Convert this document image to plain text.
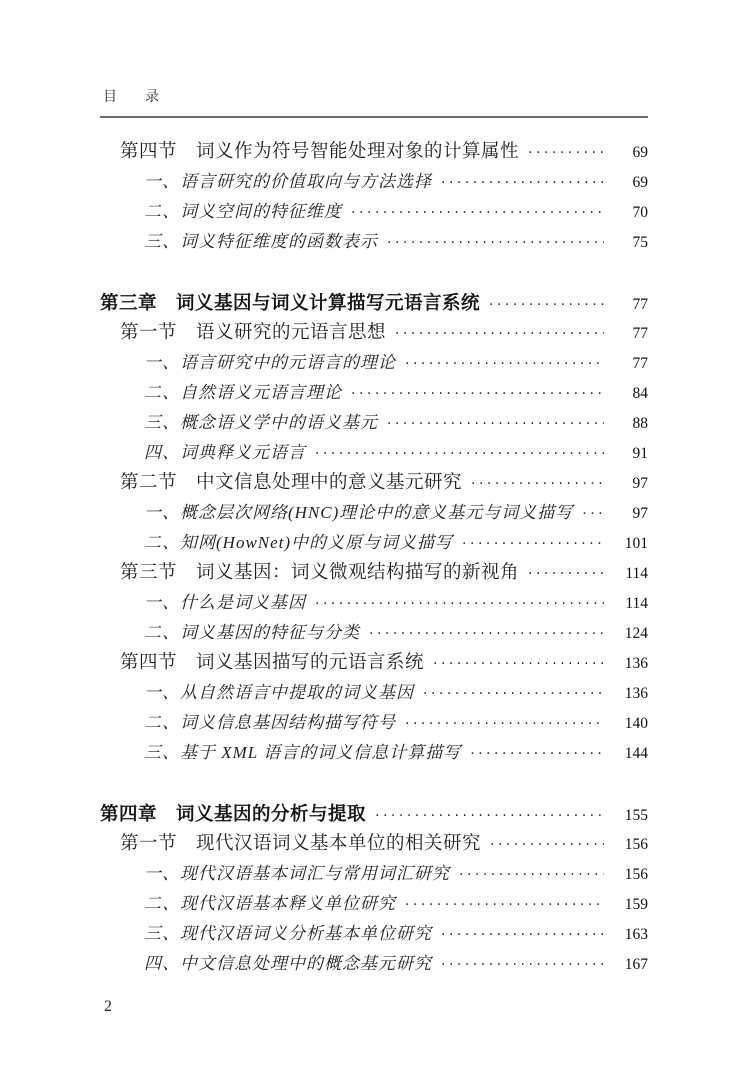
目　录
第四节　词义作为符号智能处理对象的计算属性 ·····	69
一、语言研究的价值取向与方法选择 ·····	69
二、词义空间的特征维度 ·····	70
三、词义特征维度的函数表示 ·····	75
第三章　词义基因与词义计算描写元语言系统 ·····	77
第一节　语义研究的元语言思想 ·····	77
一、语言研究中的元语言的理论 ·····	77
二、自然语义元语言理论 ·····	84
三、概念语义学中的语义基元 ·····	88
四、词典释义元语言 ·····	91
第二节　中文信息处理中的意义基元研究 ·····	97
一、概念层次网络(HNC)理论中的意义基元与词义描写 ·····	97
二、知网(HowNet)中的义原与词义描写 ·····	101
第三节　词义基因：词义微观结构描写的新视角 ·····	114
一、什么是词义基因 ·····	114
二、词义基因的特征与分类 ·····	124
第四节　词义基因描写的元语言系统 ·····	136
一、从自然语言中提取的词义基因 ·····	136
二、词义信息基因结构描写符号 ·····	140
三、基于 XML 语言的词义信息计算描写 ·····	144
第四章　词义基因的分析与提取 ·····	155
第一节　现代汉语词义基本单位的相关研究 ·····	156
一、现代汉语基本词汇与常用词汇研究 ·····	156
二、现代汉语基本释义单位研究 ·····	159
三、现代汉语词义分析基本单位研究 ·····	163
四、中文信息处理中的概念基元研究 ·····	167
2
